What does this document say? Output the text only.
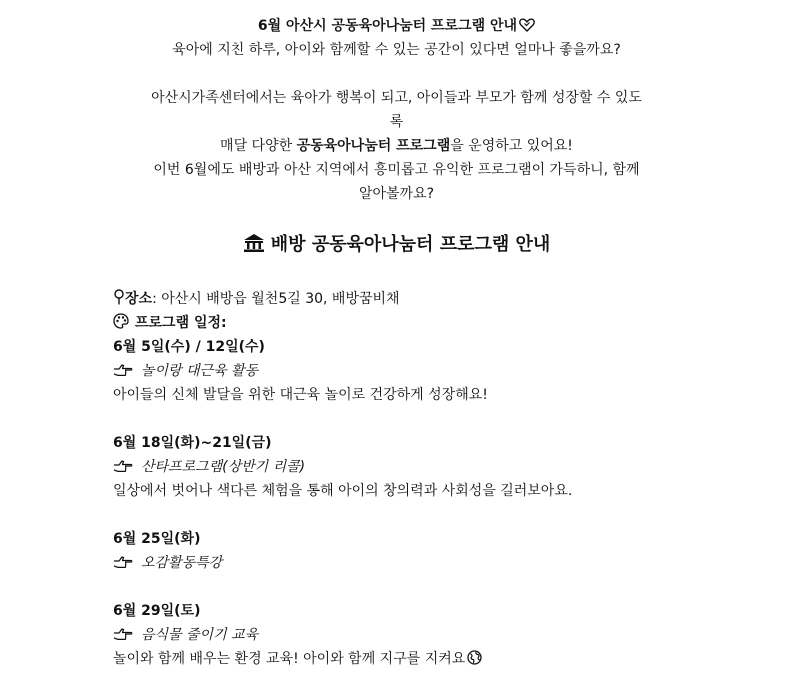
6월 아산시 공동육아나눔터 프로그램 안내

육아에 지친 하루, 아이와 함께할 수 있는 공간이 있다면 얼마나 좋을까요?

아산시가족센터에서는 육아가 행복이 되고, 아이들과 부모가 함께 성장할 수 있도

록

매달 다양한 공동육아나눔터 프로그램을 운영하고 있어요!

이번 6월에도 배방과 아산 지역에서 흥미롭고 유익한 프로그램이 가득하니, 함께

알아볼까요?

배방 공동육아나눔터 프로그램 안내
장소: 아산시 배방읍 월천5길 30, 배방꿈비채
프로그램 일정:
6월 5일(수) / 12일(수)
놀이랑 대근육 활동
아이들의 신체 발달을 위한 대근육 놀이로 건강하게 성장해요!
6월 18일(화)~21일(금)
산타프로그램(상반기 리콜)
일상에서 벗어나 색다른 체험을 통해 아이의 창의력과 사회성을 길러보아요.
6월 25일(화)
오감활동특강
6월 29일(토)
음식물 줄이기 교육
놀이와 함께 배우는 환경 교육! 아이와 함께 지구를 지켜요
